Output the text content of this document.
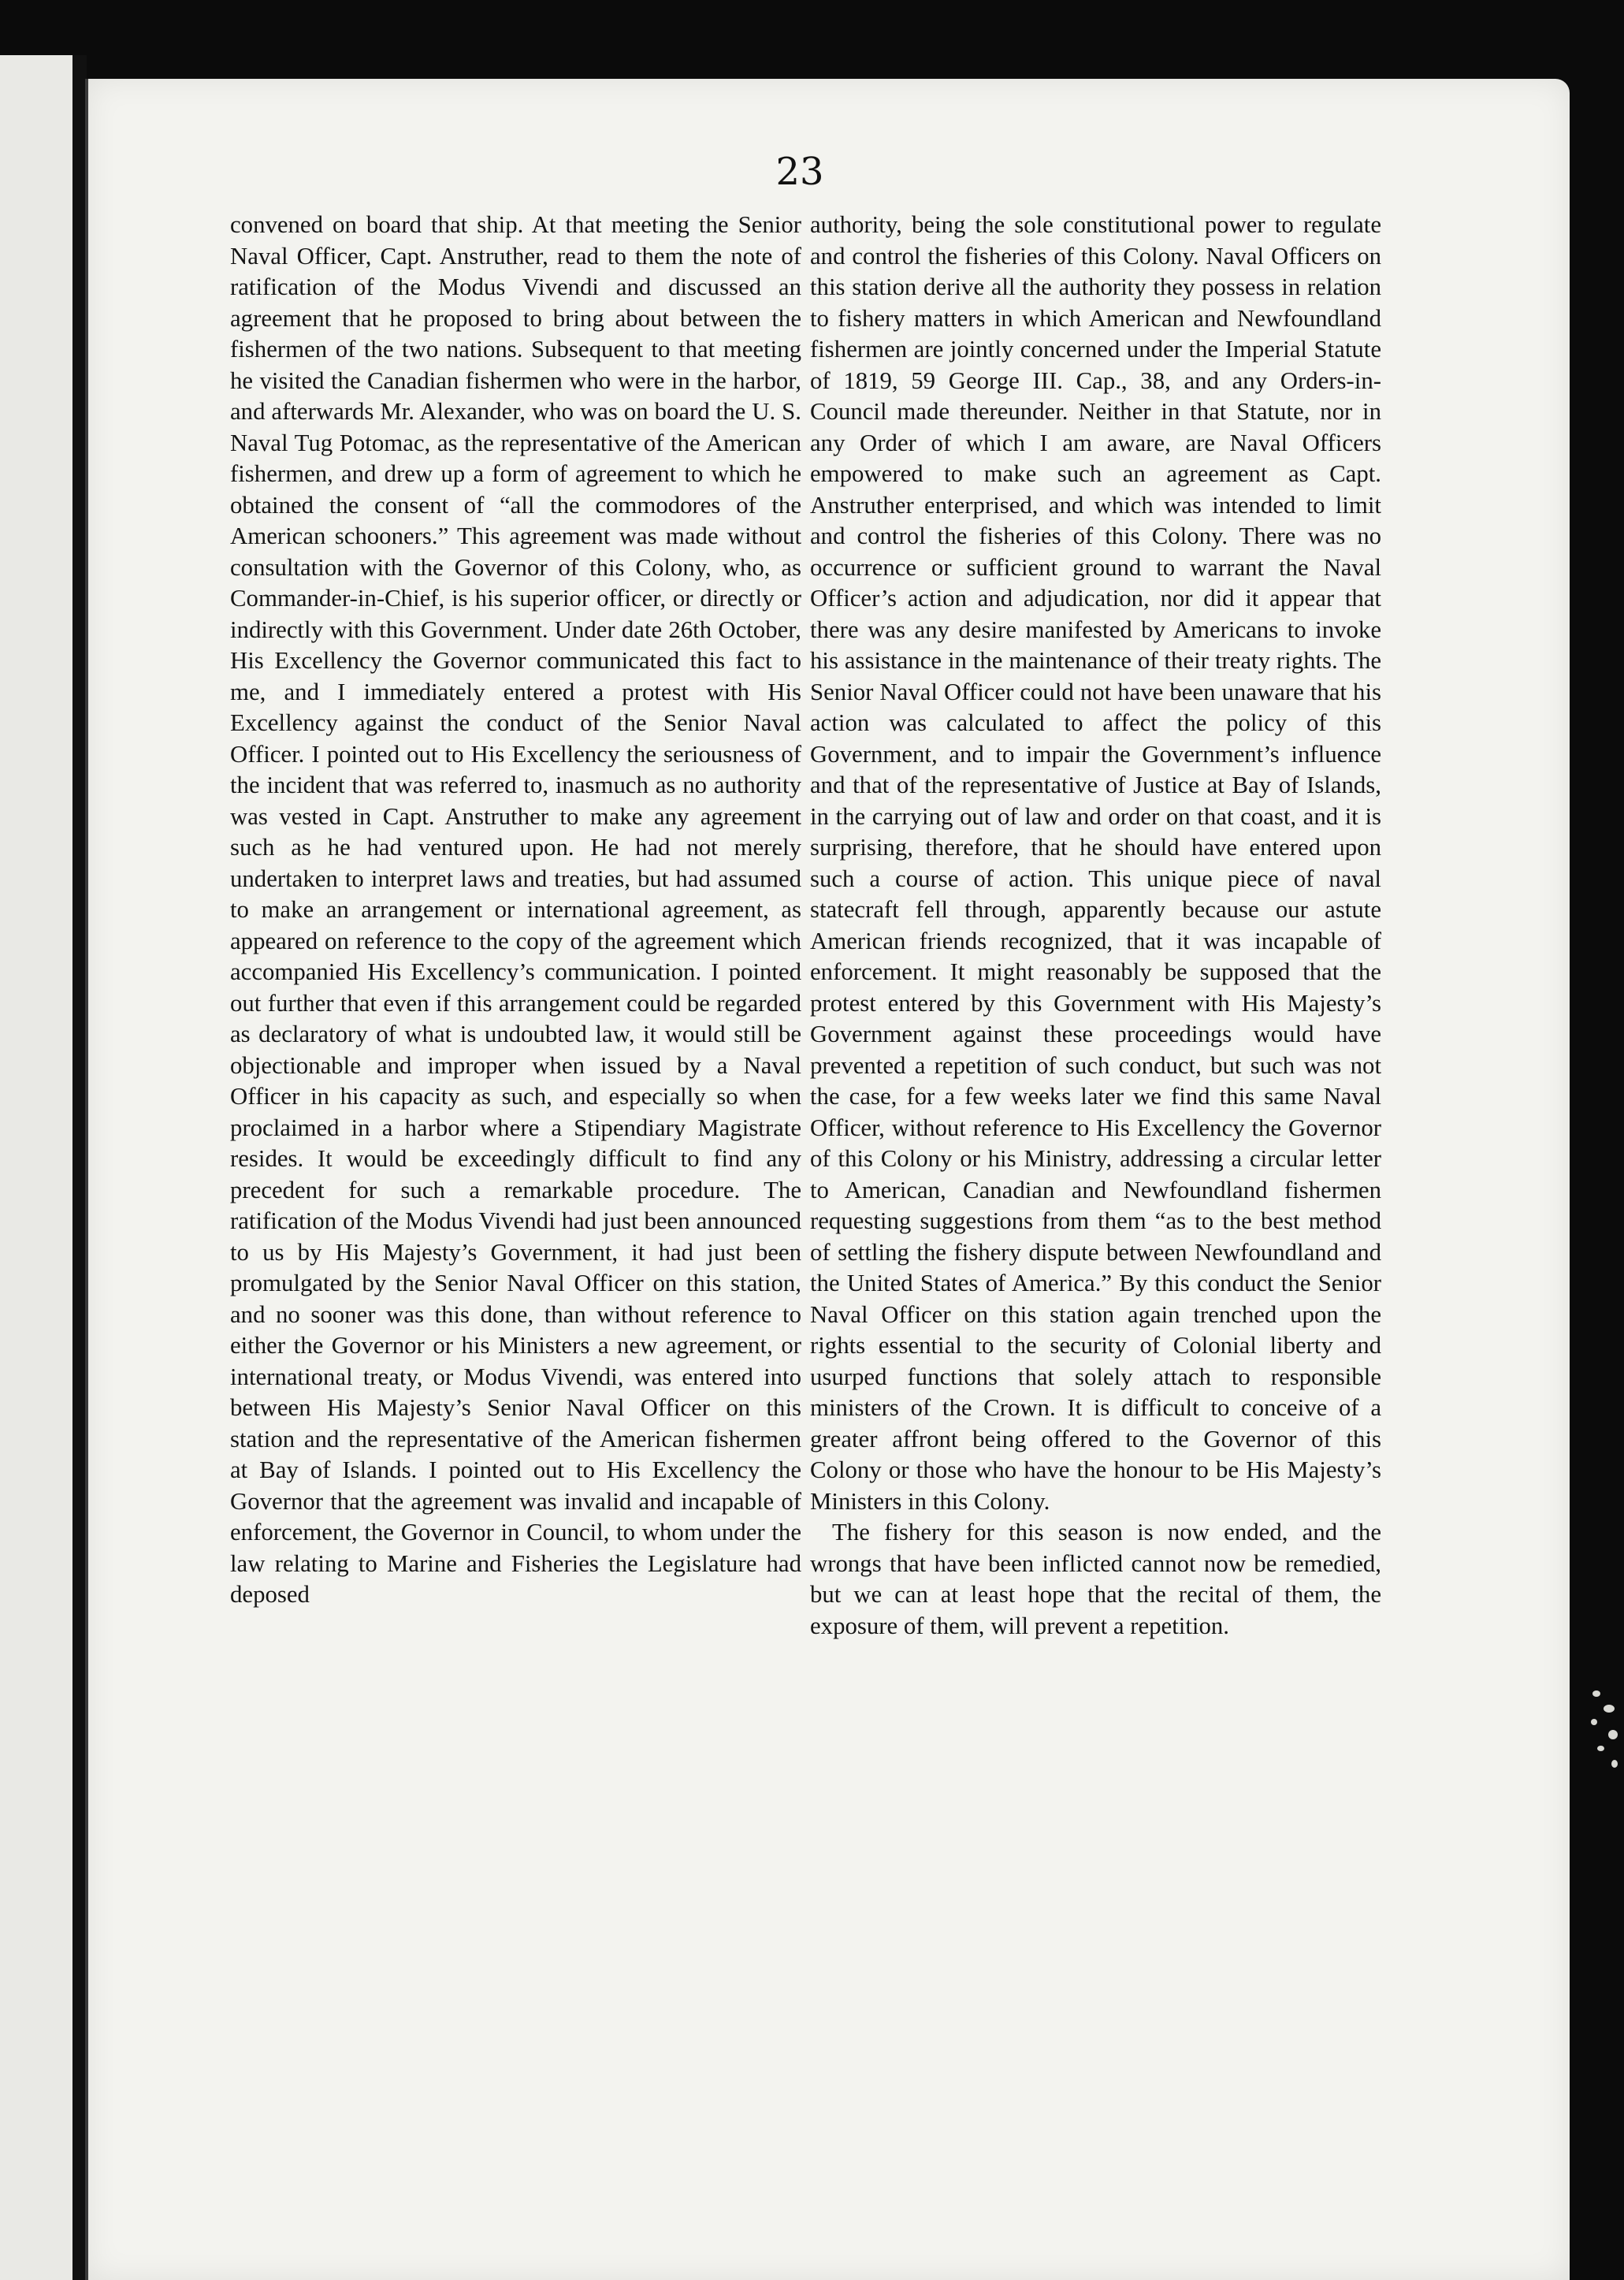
23

convened on board that ship. At that meeting the Senior Naval Officer, Capt. Anstruther, read to them the note of ratification of the Modus Vivendi and discussed an agreement that he proposed to bring about between the fishermen of the two nations. Subsequent to that meeting he visited the Canadian fishermen who were in the harbor, and afterwards Mr. Alexander, who was on board the U. S. Naval Tug Potomac, as the representative of the American fishermen, and drew up a form of agreement to which he obtained the consent of “all the commodores of the American schooners.” This agreement was made without consultation with the Governor of this Colony, who, as Commander-in-Chief, is his superior officer, or directly or indirectly with this Government. Under date 26th October, His Excellency the Governor communicated this fact to me, and I immediately entered a protest with His Excellency against the conduct of the Senior Naval Officer. I pointed out to His Excellency the seriousness of the incident that was referred to, inasmuch as no authority was vested in Capt. Anstruther to make any agreement such as he had ventured upon. He had not merely undertaken to interpret laws and treaties, but had assumed to make an arrangement or international agreement, as appeared on reference to the copy of the agreement which accompanied His Excellency’s communication. I pointed out further that even if this arrangement could be regarded as declaratory of what is undoubted law, it would still be objectionable and improper when issued by a Naval Officer in his capacity as such, and especially so when proclaimed in a harbor where a Stipendiary Magistrate resides. It would be exceedingly difficult to find any precedent for such a remarkable procedure. The ratification of the Modus Vivendi had just been announced to us by His Majesty’s Government, it had just been promulgated by the Senior Naval Officer on this station, and no sooner was this done, than without reference to either the Governor or his Ministers a new agreement, or international treaty, or Modus Vivendi, was entered into between His Majesty’s Senior Naval Officer on this station and the representative of the American fishermen at Bay of Islands. I pointed out to His Excellency the Governor that the agreement was invalid and incapable of enforcement, the Governor in Council, to whom under the law relating to Marine and Fisheries the Legislature had deposed

authority, being the sole constitutional power to regulate and control the fisheries of this Colony. Naval Officers on this station derive all the authority they possess in relation to fishery matters in which American and Newfoundland fishermen are jointly concerned under the Imperial Statute of 1819, 59 George III. Cap., 38, and any Orders-in-Council made thereunder. Neither in that Statute, nor in any Order of which I am aware, are Naval Officers empowered to make such an agreement as Capt. Anstruther enterprised, and which was intended to limit and control the fisheries of this Colony. There was no occurrence or sufficient ground to warrant the Naval Officer’s action and adjudication, nor did it appear that there was any desire manifested by Americans to invoke his assistance in the maintenance of their treaty rights. The Senior Naval Officer could not have been unaware that his action was calculated to affect the policy of this Government, and to impair the Government’s influence and that of the representative of Justice at Bay of Islands, in the carrying out of law and order on that coast, and it is surprising, therefore, that he should have entered upon such a course of action. This unique piece of naval statecraft fell through, apparently because our astute American friends recognized, that it was incapable of enforcement. It might reasonably be supposed that the protest entered by this Government with His Majesty’s Government against these proceedings would have prevented a repetition of such conduct, but such was not the case, for a few weeks later we find this same Naval Officer, without reference to His Excellency the Governor of this Colony or his Ministry, addressing a circular letter to American, Canadian and Newfoundland fishermen requesting suggestions from them “as to the best method of settling the fishery dispute between Newfoundland and the United States of America.” By this conduct the Senior Naval Officer on this station again trenched upon the rights essential to the security of Colonial liberty and usurped functions that solely attach to responsible ministers of the Crown. It is difficult to conceive of a greater affront being offered to the Governor of this Colony or those who have the honour to be His Majesty’s Ministers in this Colony.

The fishery for this season is now ended, and the wrongs that have been inflicted cannot now be remedied, but we can at least hope that the recital of them, the exposure of them, will prevent a repetition.
